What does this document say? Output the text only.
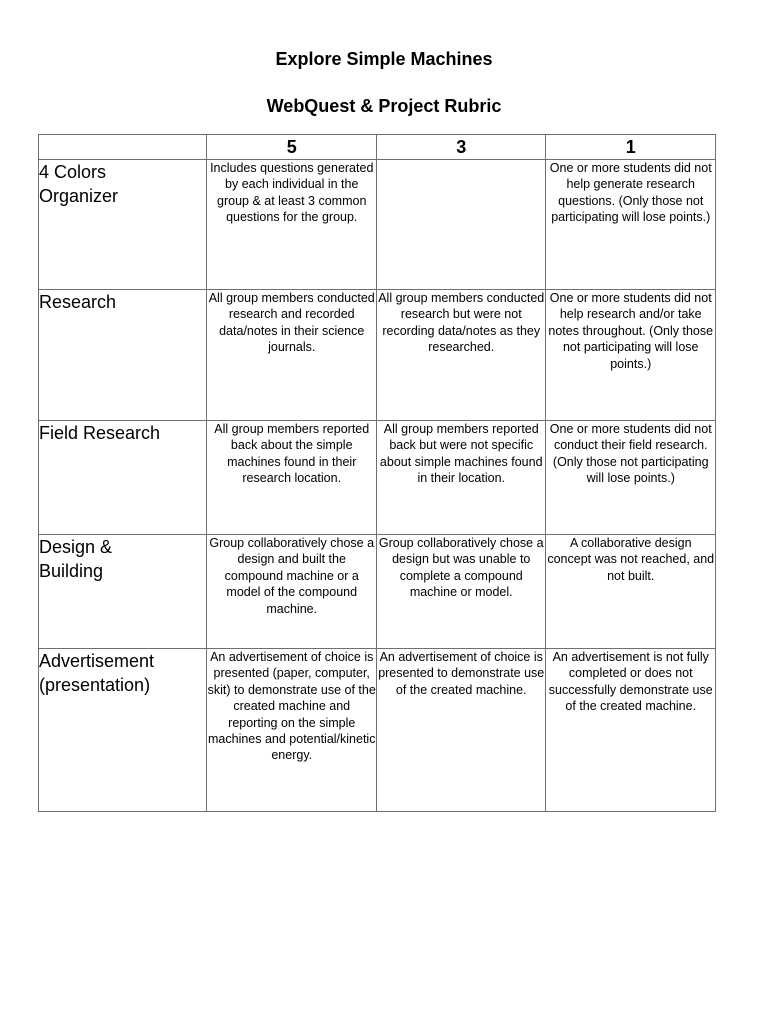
Explore Simple Machines
WebQuest & Project Rubric
	5	3	1
4 Colors
Organizer	Includes questions generated by each individual in the group & at least 3 common questions for the group.		One or more students did not help generate research questions. (Only those not participating will lose points.)
Research	All group members conducted research and recorded data/notes in their science journals.	All group members conducted research but were not recording data/notes as they researched.	One or more students did not help research and/or take notes throughout. (Only those not participating will lose points.)
Field Research	All group members reported back about the simple machines found in their research location.	All group members reported back but were not specific about simple machines found in their location.	One or more students did not conduct their field research. (Only those not participating will lose points.)
Design &
Building	Group collaboratively chose a design and built the compound machine or a model of the compound machine.	Group collaboratively chose a design but was unable to complete a compound machine or model.	A collaborative design concept was not reached, and not built.
Advertisement
(presentation)	An advertisement of choice is presented (paper, computer, skit) to demonstrate use of the created machine and reporting on the simple machines and potential/kinetic energy.	An advertisement of choice is presented to demonstrate use of the created machine.	An advertisement is not fully completed or does not successfully demonstrate use of the created machine.
